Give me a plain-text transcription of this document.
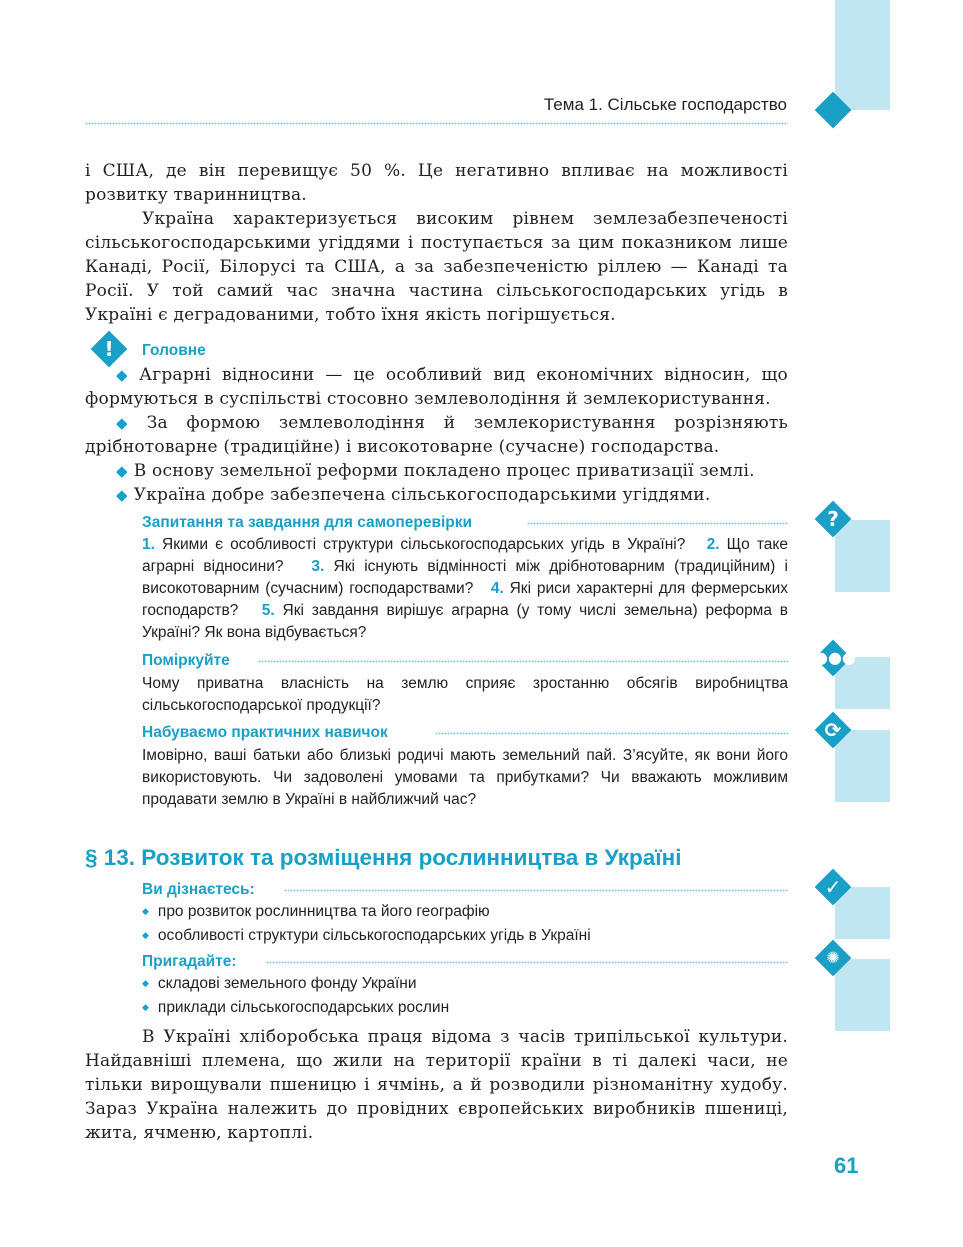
Тема 1. Сільське господарство

і США, де він перевищує 50 %. Це негативно впливає на можливості розвитку тваринництва.

Україна характеризується високим рівнем землезабезпеченості сільськогосподарськими угіддями і поступається за цим показником лише Канаді, Росії, Білорусі та США, а за забезпеченістю ріллею — Канаді та Росії. У той самий час значна частина сільськогосподарських угідь в Україні є деградованими, тобто їхня якість погіршується.

!	Головне

◆ Аграрні відносини — це особливий вид економічних відносин, що формуються в суспільстві стосовно землеволодіння й землекористування.

◆ За формою землеволодіння й землекористування розрізняють дрібнотоварне (традиційне) і високотоварне (сучасне) господарства.

◆ В основу земельної реформи покладено процес приватизації землі.

◆ Україна добре забезпечена сільськогосподарськими угіддями.

?
Запитання та завдання для самоперевірки
1. Якими є особливості структури сільськогосподарських угідь в Україні? 2. Що таке аграрні відносини? 3. Які існують відмінності між дрібнотоварним (традиційним) і високотоварним (сучасним) господарствами? 4. Які риси характерні для фермерських господарств? 5. Які завдання вирішує аграрна (у тому числі земельна) реформа в Україні? Як вона відбувається?
●●●
Поміркуйте
Чому приватна власність на землю сприяє зростанню обсягів виробництва сільськогосподарської продукції?
⟳
Набуваємо практичних навичок
Імовірно, ваші батьки або близькі родичі мають земельний пай. З’ясуйте, як вони його використовують. Чи задоволені умовами та прибутками? Чи вважають можливим продавати землю в Україні в найближчий час?
§ 13. Розвиток та розміщення рослинництва в Україні
✓
Ви дізнаєтесь:
◆ про розвиток рослинництва та його географію
◆ особливості структури сільськогосподарських угідь в Україні
✺
Пригадайте:
◆ складові земельного фонду України
◆ приклади сільськогосподарських рослин
В Україні хліборобська праця відома з часів трипільської культури. Найдавніші племена, що жили на території країни в ті далекі часи, не тільки вирощували пшеницю і ячмінь, а й розводили різноманітну худобу. Зараз Україна належить до провідних європейських виробників пшениці, жита, ячменю, картоплі.
61
